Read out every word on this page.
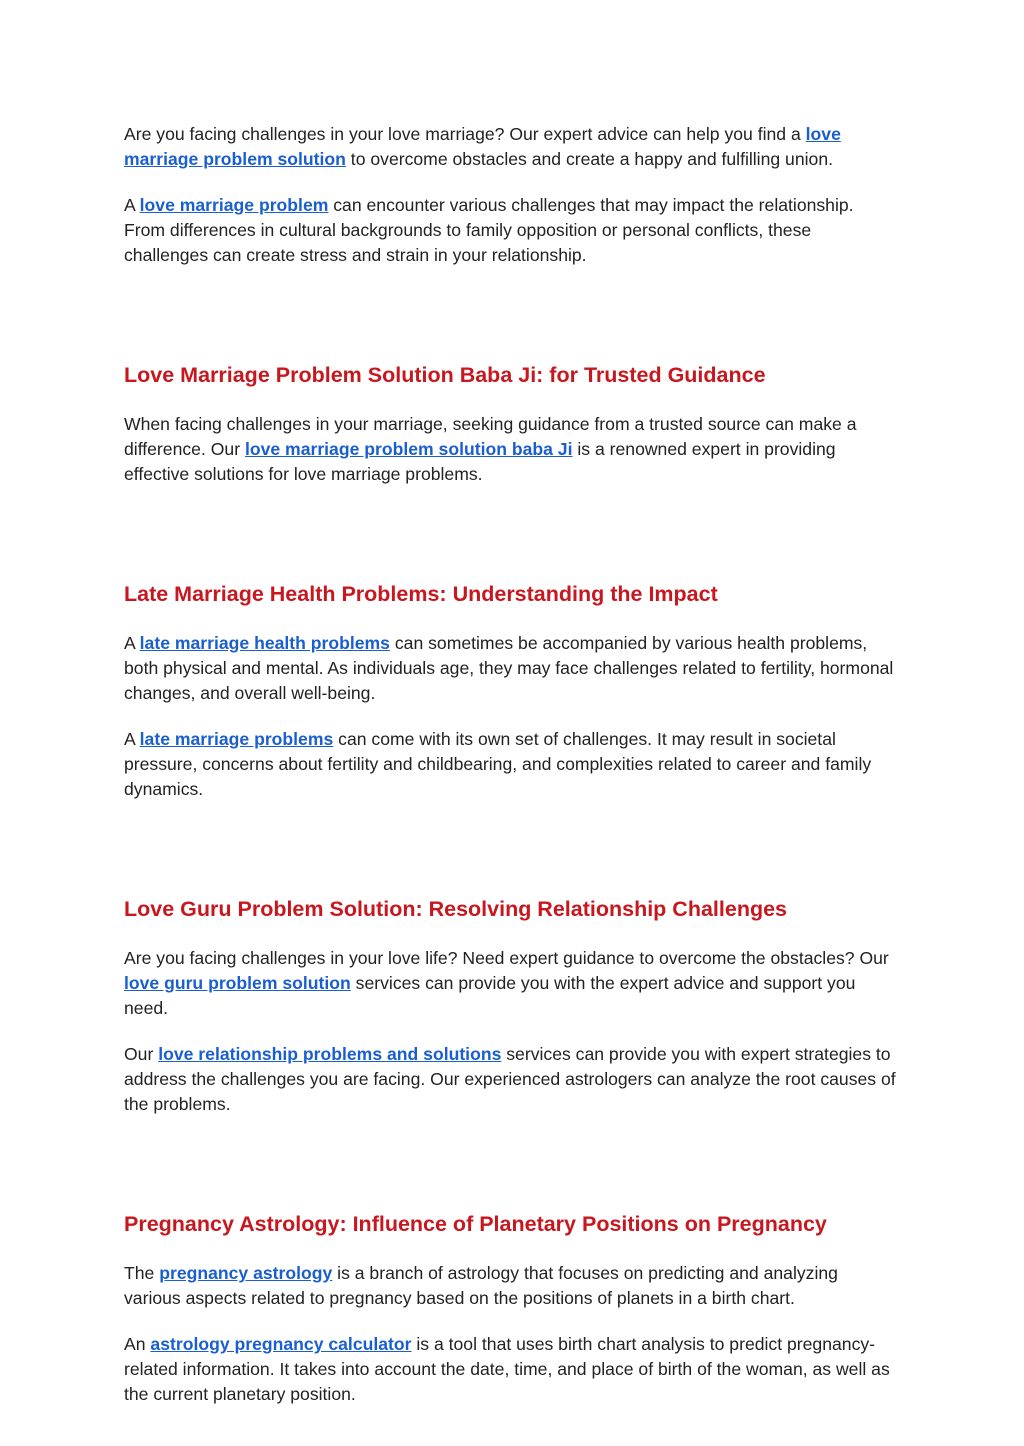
Are you facing challenges in your love marriage? Our expert advice can help you find a love marriage problem solution to overcome obstacles and create a happy and fulfilling union.

A love marriage problem can encounter various challenges that may impact the relationship. From differences in cultural backgrounds to family opposition or personal conflicts, these challenges can create stress and strain in your relationship.

Love Marriage Problem Solution Baba Ji: for Trusted Guidance

When facing challenges in your marriage, seeking guidance from a trusted source can make a difference. Our love marriage problem solution baba Ji is a renowned expert in providing effective solutions for love marriage problems.

Late Marriage Health Problems: Understanding the Impact

A late marriage health problems can sometimes be accompanied by various health problems, both physical and mental. As individuals age, they may face challenges related to fertility, hormonal changes, and overall well-being.

A late marriage problems can come with its own set of challenges. It may result in societal pressure, concerns about fertility and childbearing, and complexities related to career and family dynamics.

Love Guru Problem Solution: Resolving Relationship Challenges

Are you facing challenges in your love life? Need expert guidance to overcome the obstacles? Our love guru problem solution services can provide you with the expert advice and support you need.

Our love relationship problems and solutions services can provide you with expert strategies to address the challenges you are facing. Our experienced astrologers can analyze the root causes of the problems.

Pregnancy Astrology: Influence of Planetary Positions on Pregnancy

The pregnancy astrology is a branch of astrology that focuses on predicting and analyzing various aspects related to pregnancy based on the positions of planets in a birth chart.

An astrology pregnancy calculator is a tool that uses birth chart analysis to predict pregnancy-related information. It takes into account the date, time, and place of birth of the woman, as well as the current planetary position.
